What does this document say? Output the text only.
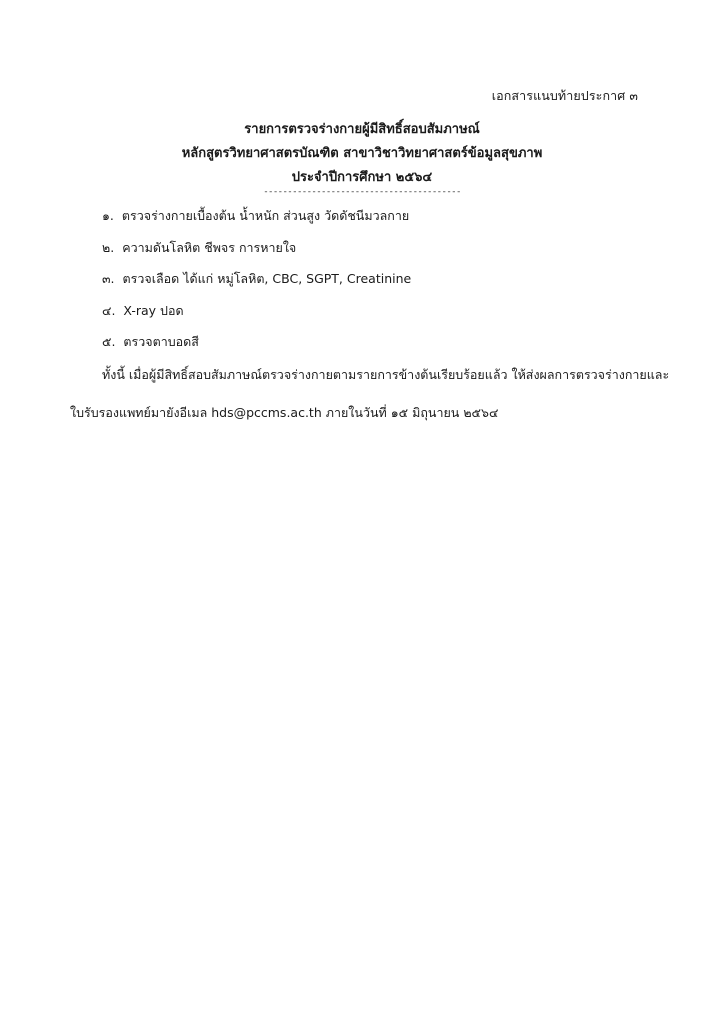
เอกสารแนบท้ายประกาศ ๓
รายการตรวจร่างกายผู้มีสิทธิ์สอบสัมภาษณ์
หลักสูตรวิทยาศาสตรบัณฑิต สาขาวิชาวิทยาศาสตร์ข้อมูลสุขภาพ
ประจำปีการศึกษา ๒๕๖๔
-----------------------------------------
๑. ตรวจร่างกายเบื้องต้น น้ำหนัก ส่วนสูง วัดดัชนีมวลกาย
๒. ความดันโลหิต ชีพจร การหายใจ
๓. ตรวจเลือด ได้แก่ หมู่โลหิต, CBC, SGPT, Creatinine
๔. X-ray ปอด
๕. ตรวจตาบอดสี
ทั้งนี้ เมื่อผู้มีสิทธิ์สอบสัมภาษณ์ตรวจร่างกายตามรายการข้างต้นเรียบร้อยแล้ว ให้ส่งผลการตรวจร่างกายและ
ใบรับรองแพทย์มายังอีเมล hds@pccms.ac.th ภายในวันที่ ๑๕ มิถุนายน ๒๕๖๔
